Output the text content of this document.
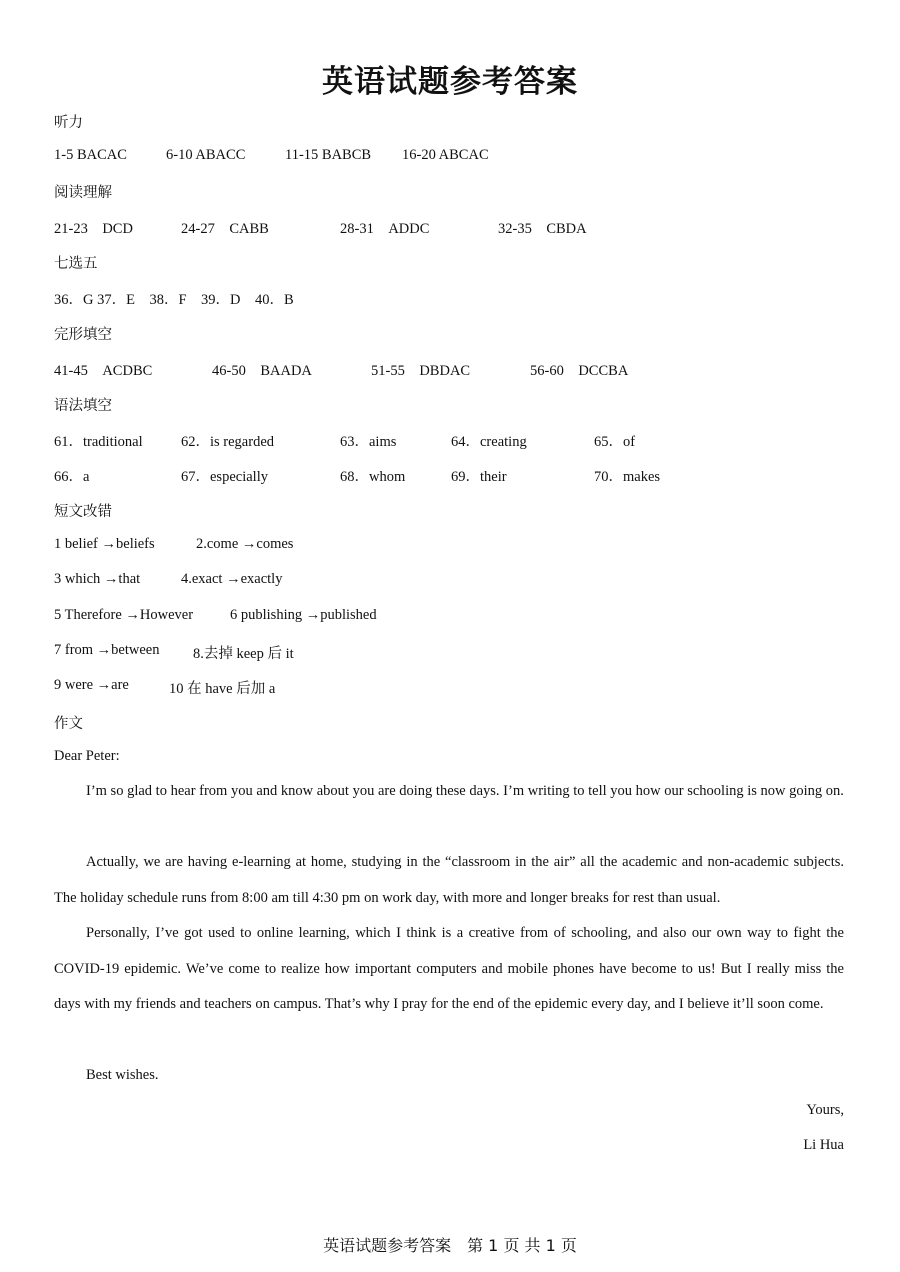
英语试题参考答案
听力
1-5 BACAC	6-10 ABACC	11-15 BABCB 16-20 ABCAC
阅读理解
21-23　DCD	24-27　CABB	28-31　ADDC	32-35　CBDA
七选五
36．G 37．E　38．F　39．D　40．B
完形填空
41-45　ACDBC	46-50　BAADA	51-55　DBDAC	56-60　DCCBA
语法填空
61．traditional	62．is regarded	63．aims	64．creating	65．of
66．a	67．especially	68．whom	69．their	70．makes
短文改错
1 belief →beliefs	2.come →comes
3 which →that	4.exact →exactly
5 Therefore →However	6 publishing →published
7 from →between 8.去掉 keep 后 it
9 were →are	10 在 have 后加 a
作文
Dear Peter:
I’m so glad to hear from you and know about you are doing these days. I’m writing to tell you how our schooling is now going on.
Actually, we are having e-learning at home, studying in the “classroom in the air” all the academic and non-academic subjects. The holiday schedule runs from 8:00 am till 4:30 pm on work day, with more and longer breaks for rest than usual.
Personally, I’ve got used to online learning, which I think is a creative from of schooling, and also our own way to fight the COVID-19 epidemic. We’ve come to realize how important computers and mobile phones have become to us! But I really miss the days with my friends and teachers on campus. That’s why I pray for the end of the epidemic every day, and I believe it’ll soon come.
Best wishes.
Yours,
Li Hua
英语试题参考答案　第 1 页 共 1 页
